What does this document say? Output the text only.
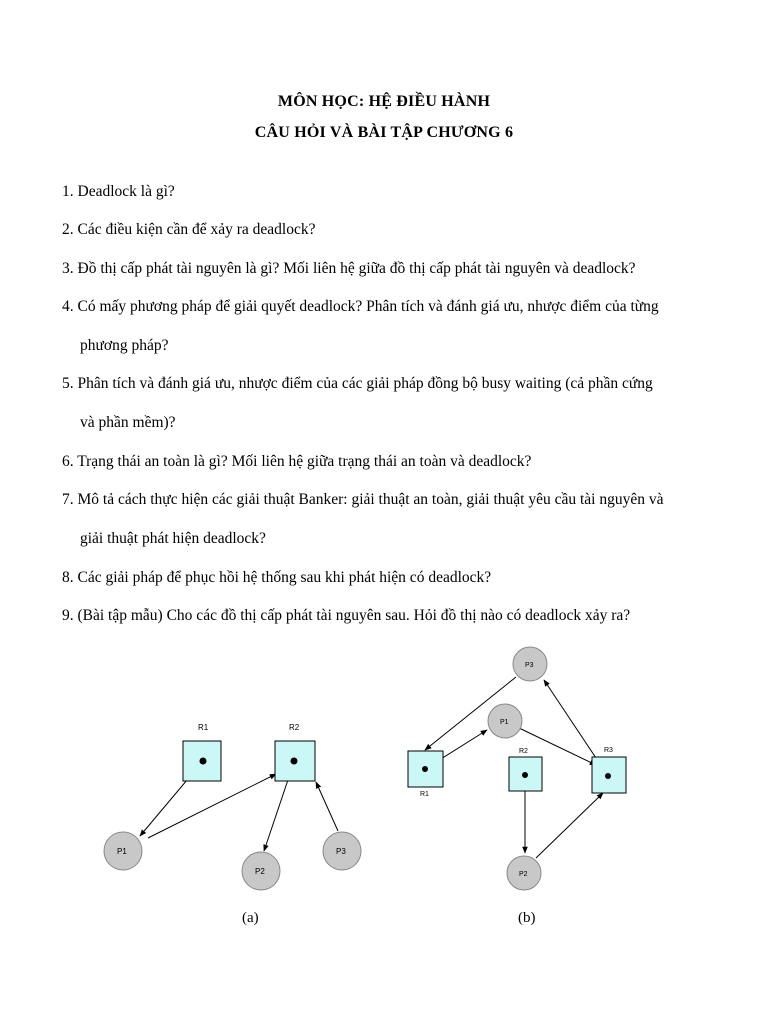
MÔN HỌC: HỆ ĐIỀU HÀNH
CÂU HỎI VÀ BÀI TẬP CHƯƠNG 6
1. Deadlock là gì?
2. Các điều kiện cần để xảy ra deadlock?
3. Đồ thị cấp phát tài nguyên là gì? Mối liên hệ giữa đồ thị cấp phát tài nguyên và deadlock?
4. Có mấy phương pháp để giải quyết deadlock? Phân tích và đánh giá ưu, nhược điểm của từng
phương pháp?
5. Phân tích và đánh giá ưu, nhược điểm của các giải pháp đồng bộ busy waiting (cả phần cứng
và phần mềm)?
6. Trạng thái an toàn là gì? Mối liên hệ giữa trạng thái an toàn và deadlock?
7. Mô tả cách thực hiện các giải thuật Banker: giải thuật an toàn, giải thuật yêu cầu tài nguyên và
giải thuật phát hiện deadlock?
8. Các giải pháp để phục hồi hệ thống sau khi phát hiện có deadlock?
9. (Bài tập mẫu) Cho các đồ thị cấp phát tài nguyên sau. Hỏi đồ thị nào có deadlock xảy ra?
R1	R2
P1
P2
P3
R1
R2	R3
P1
P2
P3
(a)	(b)
